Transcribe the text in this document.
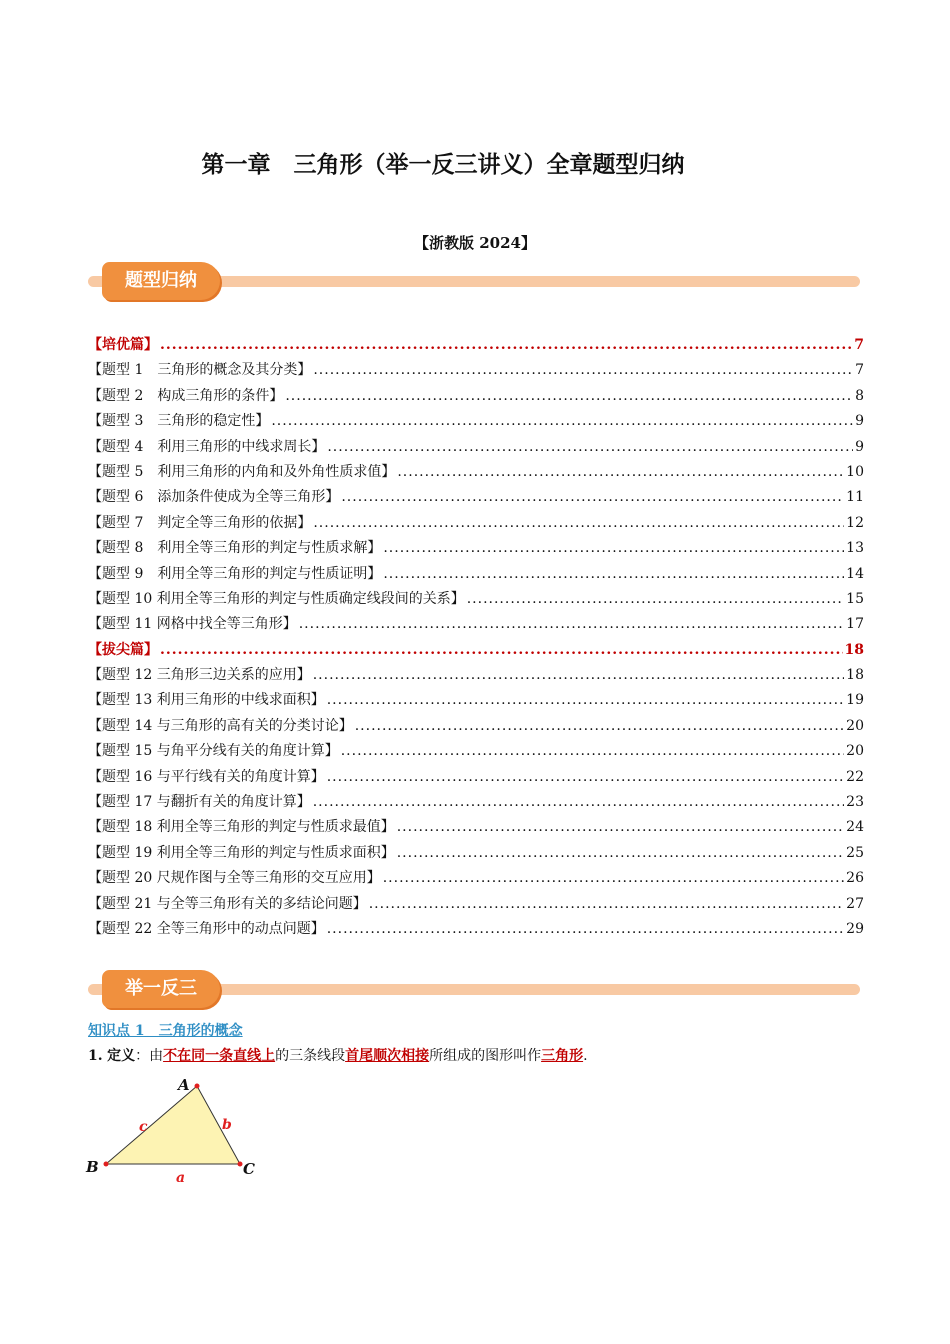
第一章　三角形（举一反三讲义）全章题型归纳
【浙教版 2024】
题型归纳
【培优篇】 .....	7
【题型 1　三角形的概念及其分类】 .....	7
【题型 2　构成三角形的条件】 .....	8
【题型 3　三角形的稳定性】 .....	9
【题型 4　利用三角形的中线求周长】 .....	9
【题型 5　利用三角形的内角和及外角性质求值】 .....	10
【题型 6　添加条件使成为全等三角形】 .....	11
【题型 7　判定全等三角形的依据】 .....	12
【题型 8　利用全等三角形的判定与性质求解】 .....	13
【题型 9　利用全等三角形的判定与性质证明】 .....	14
【题型 10 利用全等三角形的判定与性质确定线段间的关系】 .....	15
【题型 11 网格中找全等三角形】 .....	17
【拔尖篇】 .....	18
【题型 12 三角形三边关系的应用】 .....	18
【题型 13 利用三角形的中线求面积】 .....	19
【题型 14 与三角形的高有关的分类讨论】 .....	20
【题型 15 与角平分线有关的角度计算】 .....	20
【题型 16 与平行线有关的角度计算】 .....	22
【题型 17 与翻折有关的角度计算】 .....	23
【题型 18 利用全等三角形的判定与性质求最值】 .....	24
【题型 19 利用全等三角形的判定与性质求面积】 .....	25
【题型 20 尺规作图与全等三角形的交互应用】 .....	26
【题型 21 与全等三角形有关的多结论问题】 .....	27
【题型 22 全等三角形中的动点问题】 .....	29
举一反三
知识点 1　三角形的概念
1. 定义：由不在同一条直线上的三条线段首尾顺次相接所组成的图形叫作三角形.
A
B	C
a
b
c
